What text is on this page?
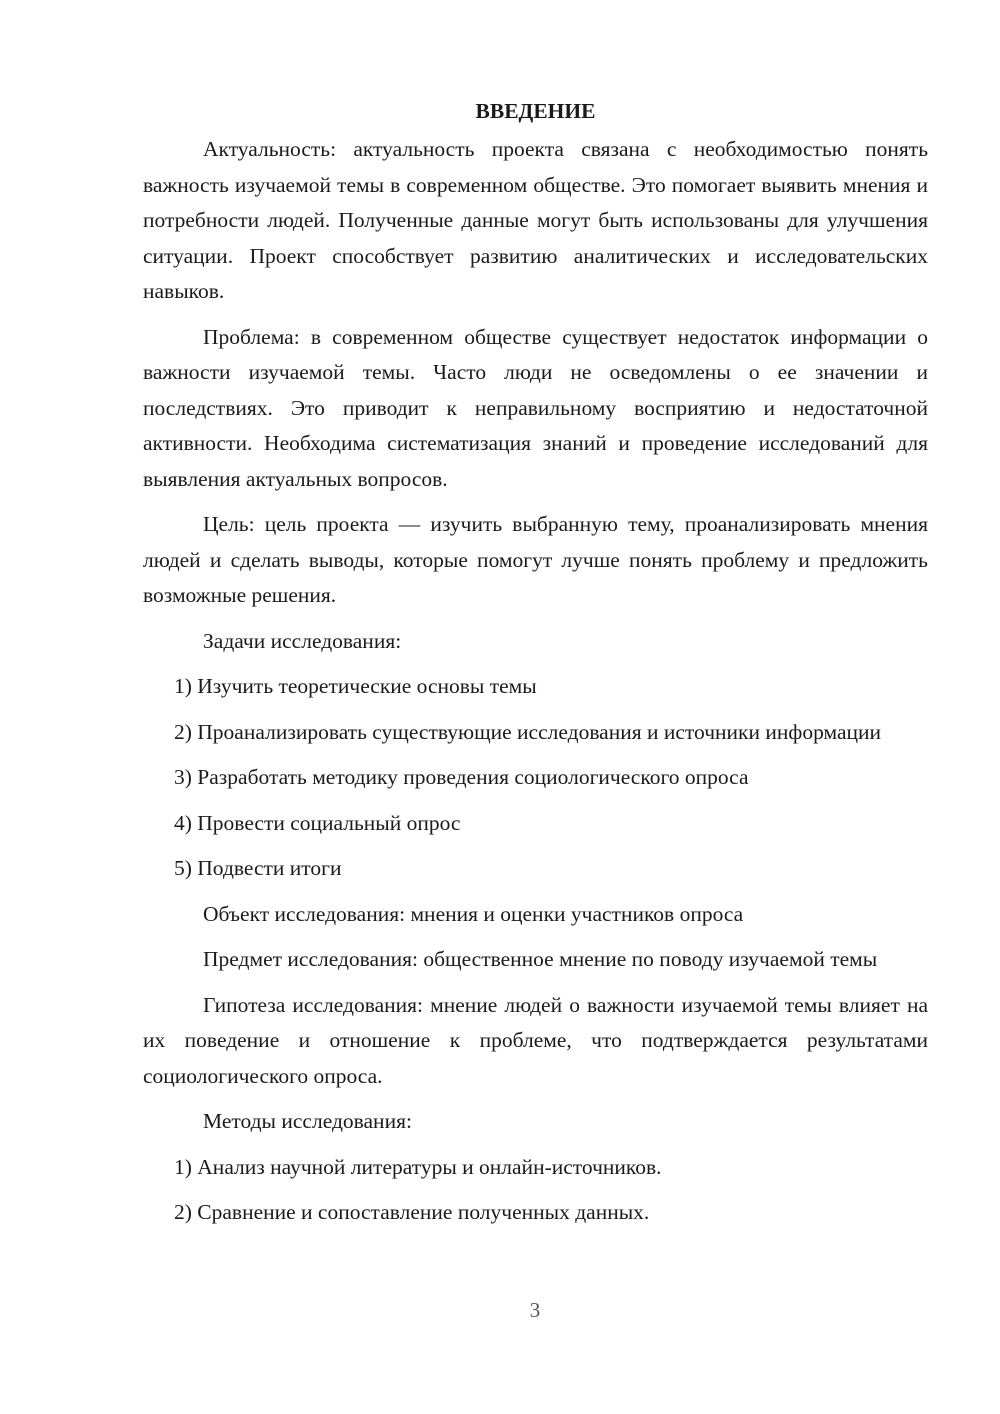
ВВЕДЕНИЕ

Актуальность: актуальность проекта связана с необходимостью понять важность изучаемой темы в современном обществе. Это помогает выявить мнения и потребности людей. Полученные данные могут быть использованы для улучшения ситуации. Проект способствует развитию аналитических и исследовательских навыков.

Проблема: в современном обществе существует недостаток информации о важности изучаемой темы. Часто люди не осведомлены о ее значении и последствиях. Это приводит к неправильному восприятию и недостаточной активности. Необходима систематизация знаний и проведение исследований для выявления актуальных вопросов.

Цель: цель проекта — изучить выбранную тему, проанализировать мнения людей и сделать выводы, которые помогут лучше понять проблему и предложить возможные решения.

Задачи исследования:

1) Изучить теоретические основы темы

2) Проанализировать существующие исследования и источники информации

3) Разработать методику проведения социологического опроса

4) Провести социальный опрос

5) Подвести итоги

Объект исследования: мнения и оценки участников опроса

Предмет исследования: общественное мнение по поводу изучаемой темы

Гипотеза исследования: мнение людей о важности изучаемой темы влияет на их поведение и отношение к проблеме, что подтверждается результатами социологического опроса.

Методы исследования:

1) Анализ научной литературы и онлайн-источников.

2) Сравнение и сопоставление полученных данных.

3
